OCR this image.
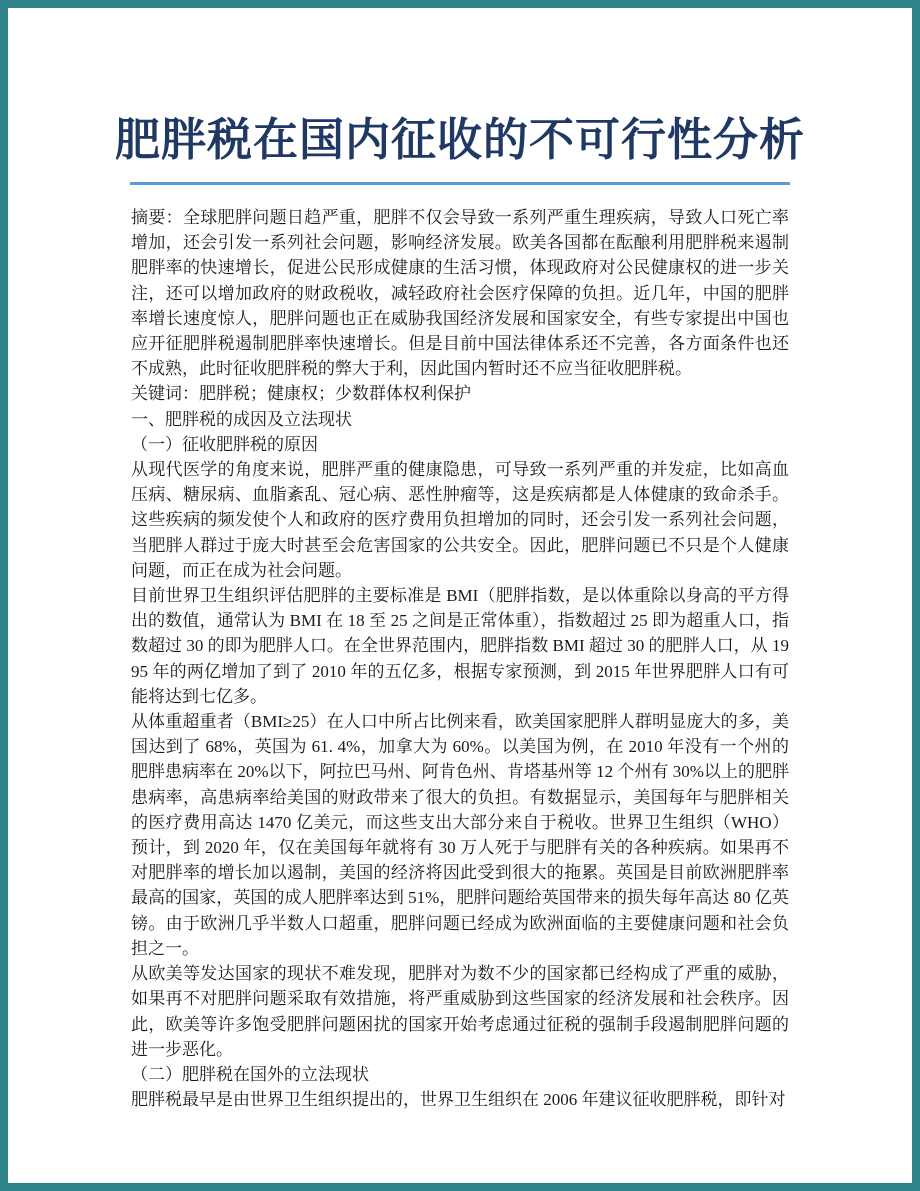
肥胖税在国内征收的不可行性分析

摘要：全球肥胖问题日趋严重，肥胖不仅会导致一系列严重生理疾病，导致人口死亡率增加，还会引发一系列社会问题，影响经济发展。欧美各国都在酝酿利用肥胖税来遏制肥胖率的快速增长，促进公民形成健康的生活习惯，体现政府对公民健康权的进一步关注，还可以增加政府的财政税收，减轻政府社会医疗保障的负担。近几年，中国的肥胖率增长速度惊人，肥胖问题也正在威胁我国经济发展和国家安全，有些专家提出中国也应开征肥胖税遏制肥胖率快速增长。但是目前中国法律体系还不完善，各方面条件也还不成熟，此时征收肥胖税的弊大于利，因此国内暂时还不应当征收肥胖税。

关键词：肥胖税；健康权；少数群体权利保护

一、肥胖税的成因及立法现状

（一）征收肥胖税的原因

从现代医学的角度来说，肥胖严重的健康隐患，可导致一系列严重的并发症，比如高血压病、糖尿病、血脂紊乱、冠心病、恶性肿瘤等，这是疾病都是人体健康的致命杀手。这些疾病的频发使个人和政府的医疗费用负担增加的同时，还会引发一系列社会问题，当肥胖人群过于庞大时甚至会危害国家的公共安全。因此，肥胖问题已不只是个人健康问题，而正在成为社会问题。

目前世界卫生组织评估肥胖的主要标准是 BMI（肥胖指数，是以体重除以身高的平方得出的数值，通常认为 BMI 在 18 至 25 之间是正常体重），指数超过 25 即为超重人口，指数超过 30 的即为肥胖人口。在全世界范围内，肥胖指数 BMI 超过 30 的肥胖人口，从 1995 年的两亿增加了到了 2010 年的五亿多，根据专家预测，到 2015 年世界肥胖人口有可能将达到七亿多。

从体重超重者（BMI≥25）在人口中所占比例来看，欧美国家肥胖人群明显庞大的多，美国达到了 68%，英国为 61. 4%，加拿大为 60%。以美国为例，在 2010 年没有一个州的肥胖患病率在 20%以下，阿拉巴马州、阿肯色州、肯塔基州等 12 个州有 30%以上的肥胖患病率，高患病率给美国的财政带来了很大的负担。有数据显示，美国每年与肥胖相关的医疗费用高达 1470 亿美元，而这些支出大部分来自于税收。世界卫生组织（WHO）预计，到 2020 年，仅在美国每年就将有 30 万人死于与肥胖有关的各种疾病。如果再不对肥胖率的增长加以遏制，美国的经济将因此受到很大的拖累。英国是目前欧洲肥胖率最高的国家，英国的成人肥胖率达到 51%，肥胖问题给英国带来的损失每年高达 80 亿英镑。由于欧洲几乎半数人口超重，肥胖问题已经成为欧洲面临的主要健康问题和社会负担之一。

从欧美等发达国家的现状不难发现，肥胖对为数不少的国家都已经构成了严重的威胁，如果再不对肥胖问题采取有效措施，将严重威胁到这些国家的经济发展和社会秩序。因此，欧美等许多饱受肥胖问题困扰的国家开始考虑通过征税的强制手段遏制肥胖问题的进一步恶化。

（二）肥胖税在国外的立法现状

肥胖税最早是由世界卫生组织提出的，世界卫生组织在 2006 年建议征收肥胖税，即针对
